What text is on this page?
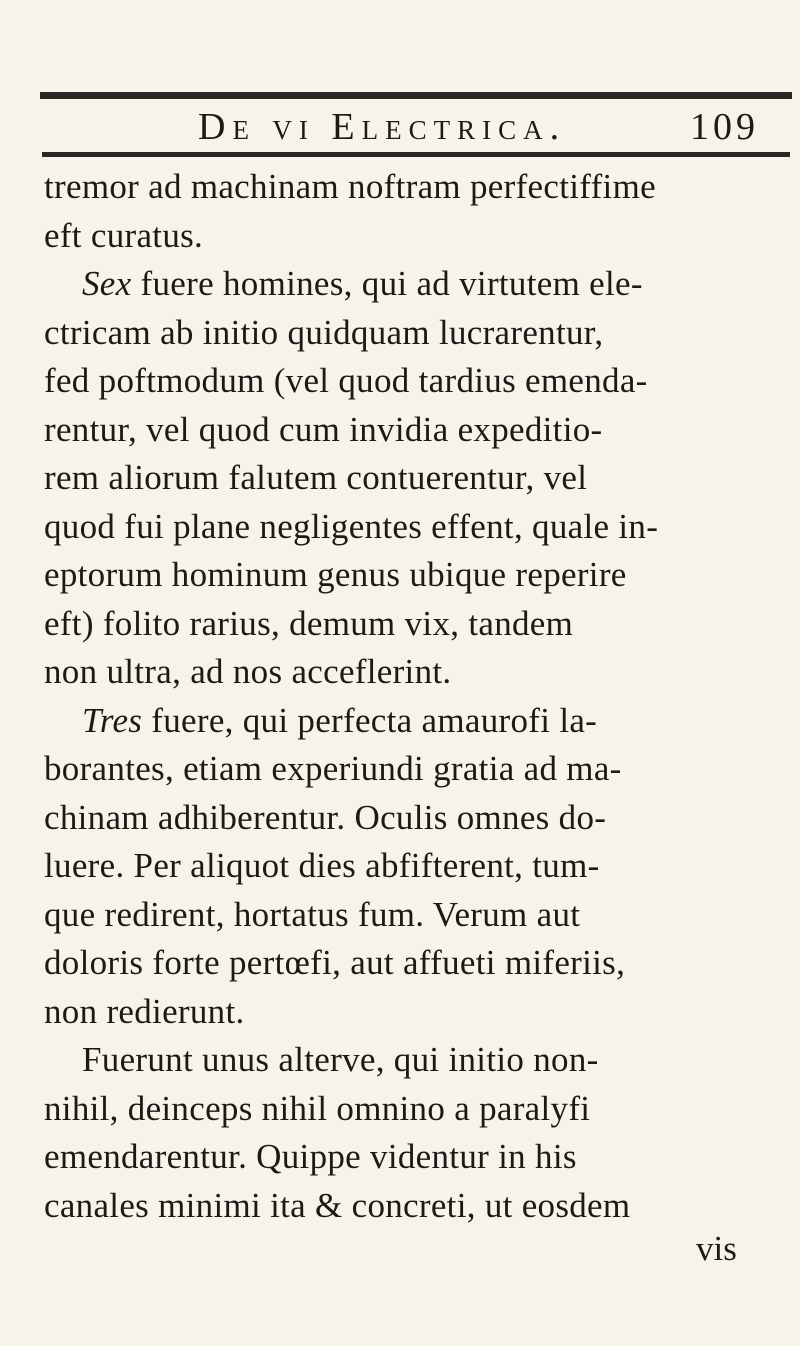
De vi Electrica.	109
tremor ad machinam noftram perfectiffime
eft curatus.
Sex fuere homines, qui ad virtutem ele-
ctricam ab initio quidquam lucrarentur,
fed poftmodum (vel quod tardius emenda-
rentur, vel quod cum invidia expeditio-
rem aliorum falutem contuerentur, vel
quod fui plane negligentes effent, quale in-
eptorum hominum genus ubique reperire
eft) folito rarius, demum vix, tandem
non ultra, ad nos acceflerint.
Tres fuere, qui perfecta amaurofi la-
borantes, etiam experiundi gratia ad ma-
chinam adhiberentur. Oculis omnes do-
luere. Per aliquot dies abfifterent, tum-
que redirent, hortatus fum. Verum aut
doloris forte pertœfi, aut affueti miferiis,
non redierunt.
Fuerunt unus alterve, qui initio non-
nihil, deinceps nihil omnino a paralyfi
emendarentur. Quippe videntur in his
canales minimi ita & concreti, ut eosdem
vis
